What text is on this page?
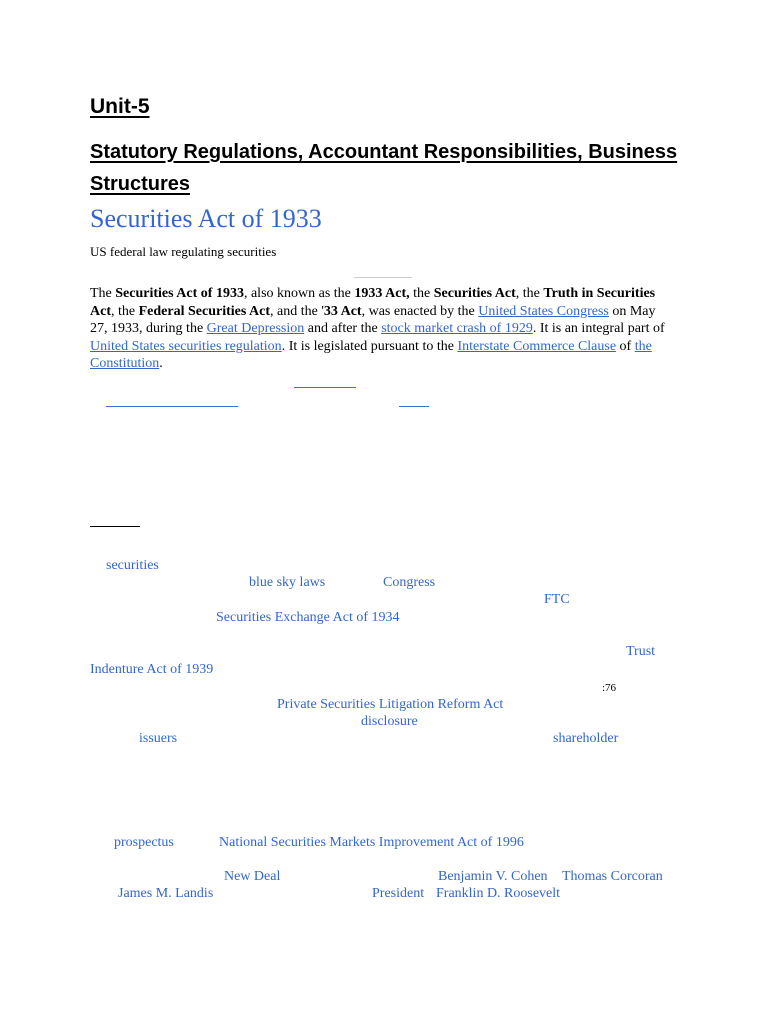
Unit-5
Statutory Regulations, Accountant Responsibilities, Business Structures
Securities Act of 1933
US federal law regulating securities
The Securities Act of 1933, also known as the 1933 Act, the Securities Act, the Truth in Securities Act, the Federal Securities Act, and the '33 Act, was enacted by the United States Congress on May 27, 1933, during the Great Depression and after the stock market crash of 1929. It is an integral part of United States securities regulation. It is legislated pursuant to the Interstate Commerce Clause of the Constitution.
securities
blue sky laws	Congress
FTC
Securities Exchange Act of 1934
Trust
Indenture Act of 1939
:76
Private Securities Litigation Reform Act
disclosure
issuers	shareholder
prospectus	National Securities Markets Improvement Act of 1996
New Deal	Benjamin V. Cohen Thomas Corcoran
James M. Landis	President Franklin D. Roosevelt
